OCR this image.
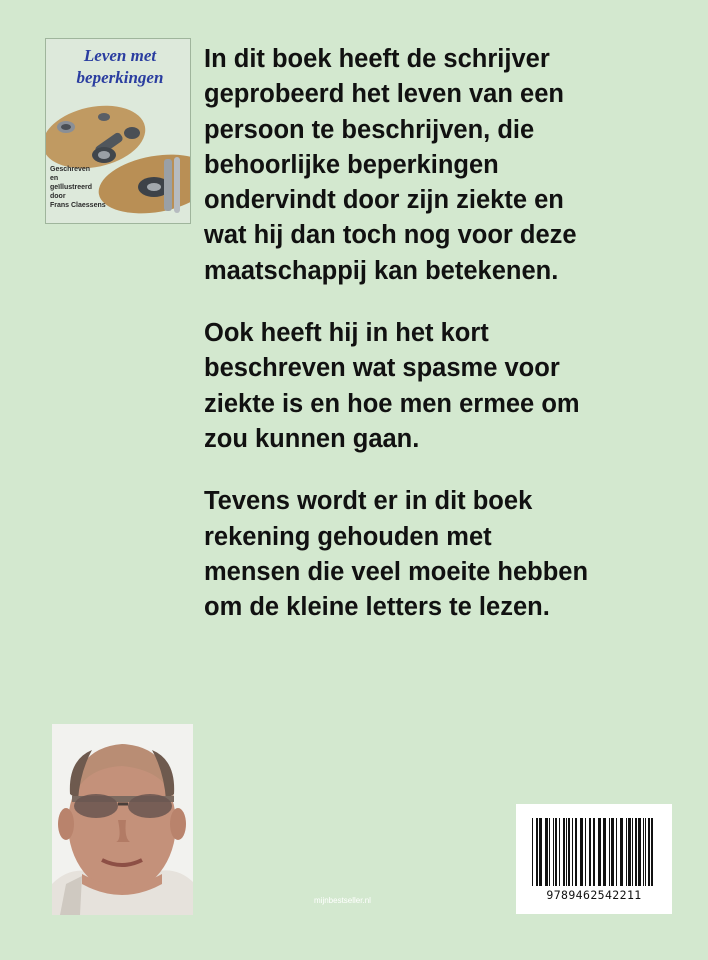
Leven met
beperkingen
Geschreven
en
geïllustreerd
door
Frans Claessens

In dit boek heeft de schrijver
geprobeerd het leven van een
persoon te beschrijven, die
behoorlijke beperkingen
ondervindt door zijn ziekte en
wat hij dan toch nog voor deze
maatschappij kan betekenen.

Ook heeft hij in het kort
beschreven wat spasme voor
ziekte is en hoe men ermee om
zou kunnen gaan.

Tevens wordt er in dit boek
rekening gehouden met
mensen die veel moeite hebben
om de kleine letters te lezen.

mijnbestseller.nl	9789462542211
